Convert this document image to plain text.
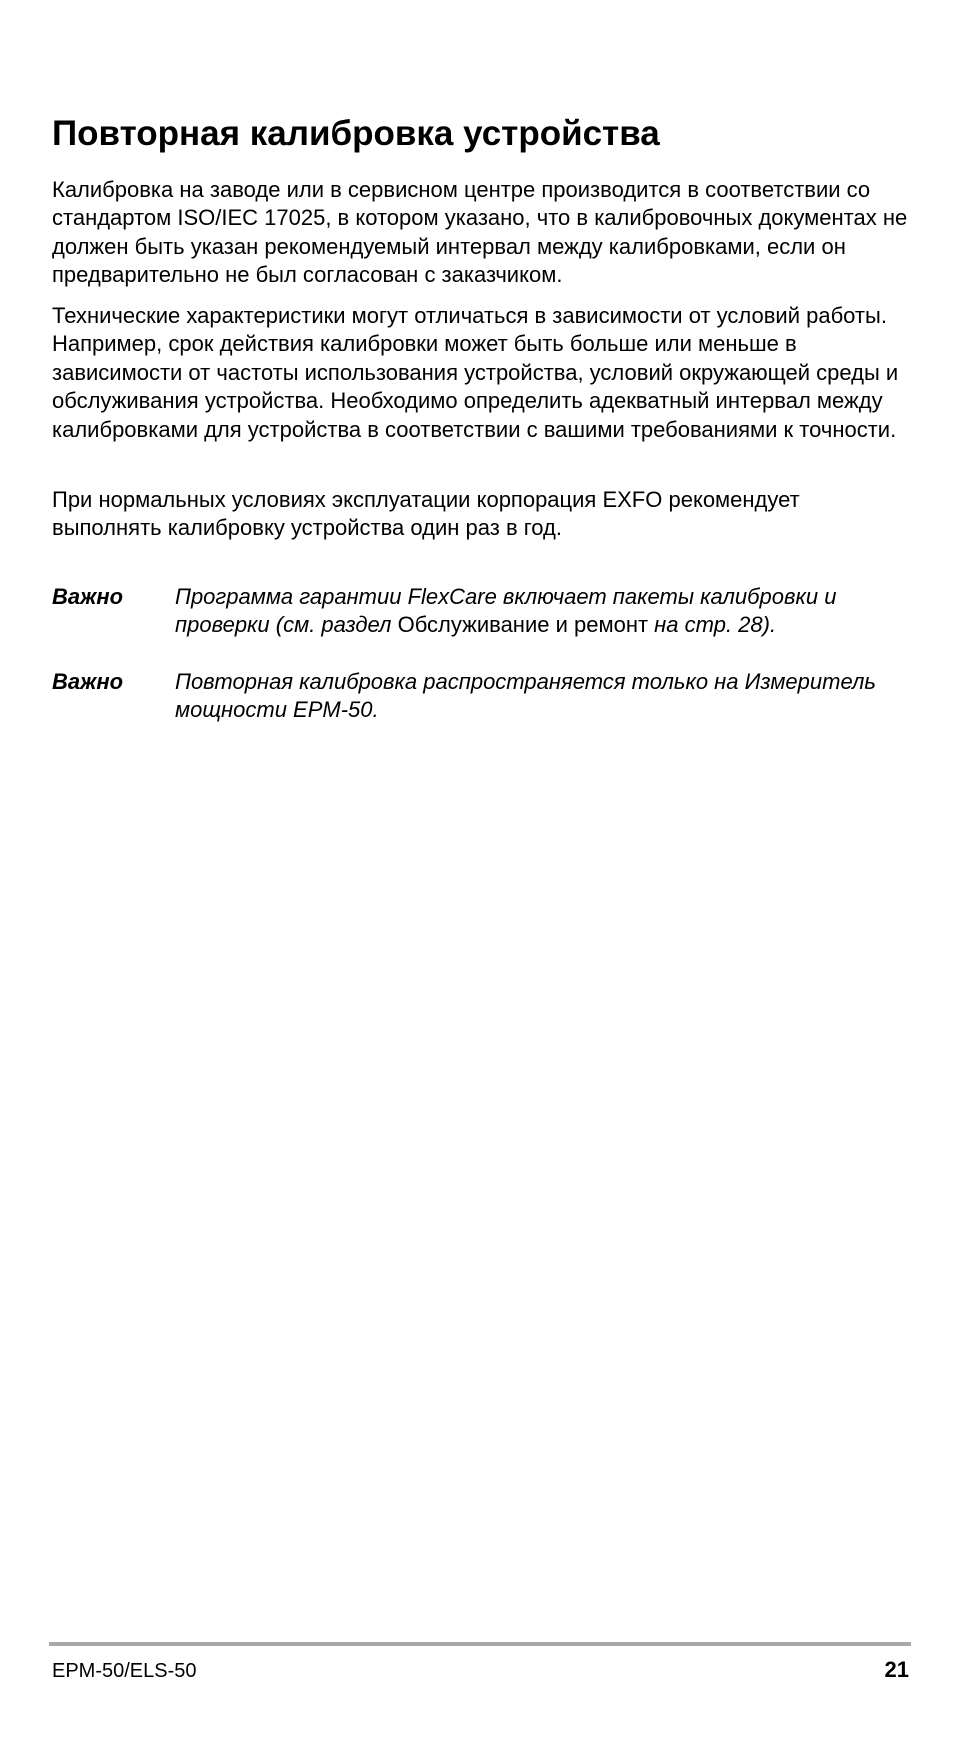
Повторная калибровка устройства

Калибровка на заводе или в сервисном центре производится в соответствии со стандартом ISO/IEC 17025, в котором указано, что в калибровочных документах не должен быть указан рекомендуемый интервал между калибровками, если он предварительно не был согласован с заказчиком.

Технические характеристики могут отличаться в зависимости от условий работы. Например, срок действия калибровки может быть больше или меньше в зависимости от частоты использования устройства, условий окружающей среды и обслуживания устройства. Необходимо определить адекватный интервал между калибровками для устройства в соответствии с вашими требованиями к точности.

При нормальных условиях эксплуатации корпорация EXFO рекомендует выполнять калибровку устройства один раз в год.

Важно Программа гарантии FlexCare включает пакеты калибровки и проверки (см. раздел Обслуживание и ремонт на стр. 28).
Важно Повторная калибровка распространяется только на Измеритель мощности EPM-50.
EPM-50/ELS-50	21
